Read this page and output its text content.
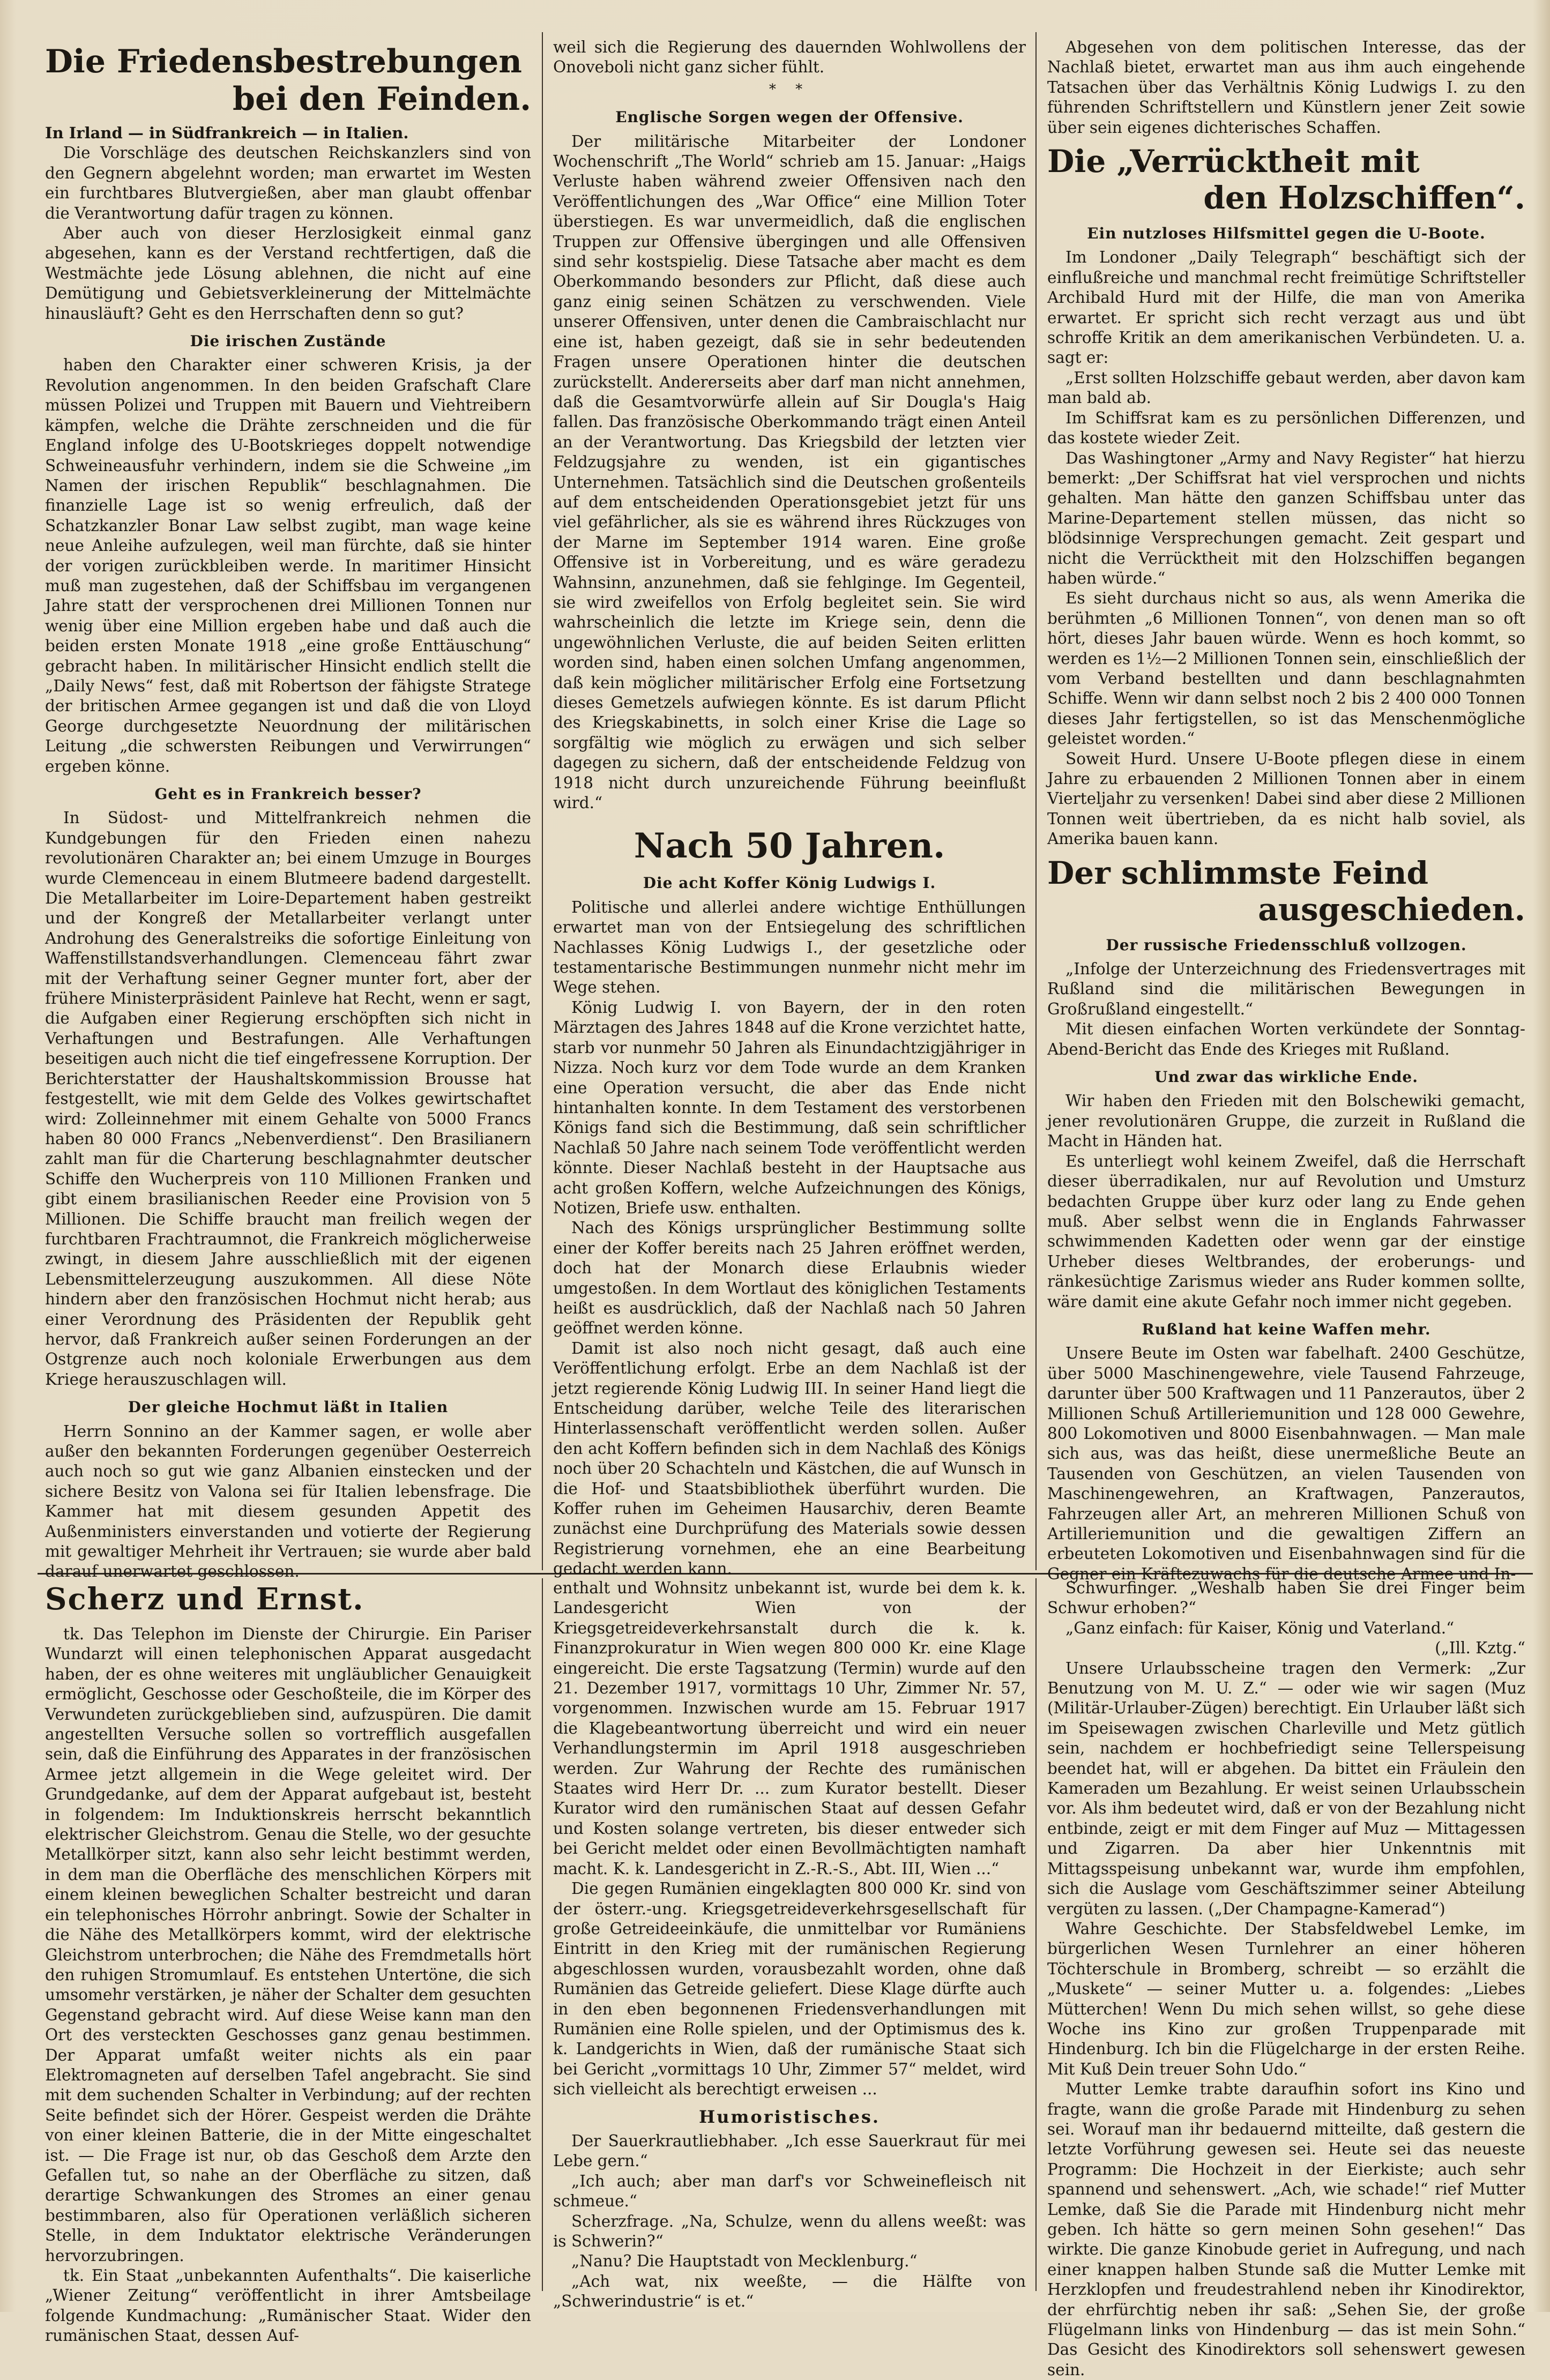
Die Friedensbestrebungen
bei den Feinden.
In Irland — in Südfrankreich — in Italien.

Die Vorschläge des deutschen Reichskanzlers sind von den Gegnern abgelehnt worden; man erwartet im Westen ein furchtbares Blutvergießen, aber man glaubt offenbar die Verantwortung dafür tragen zu können.

Aber auch von dieser Herzlosigkeit einmal ganz abgesehen, kann es der Verstand rechtfertigen, daß die Westmächte jede Lösung ablehnen, die nicht auf eine Demütigung und Gebietsverkleinerung der Mittelmächte hinausläuft? Geht es den Herrschaften denn so gut?

Die irischen Zustände

haben den Charakter einer schweren Krisis, ja der Revolution angenommen. In den beiden Grafschaft Clare müssen Polizei und Truppen mit Bauern und Viehtreibern kämpfen, welche die Drähte zerschneiden und die für England infolge des U-Bootskrieges doppelt notwendige Schweineausfuhr verhindern, indem sie die Schweine „im Namen der irischen Republik“ beschlagnahmen. Die finanzielle Lage ist so wenig erfreulich, daß der Schatzkanzler Bonar Law selbst zugibt, man wage keine neue Anleihe aufzulegen, weil man fürchte, daß sie hinter der vorigen zurückbleiben werde. In maritimer Hinsicht muß man zugestehen, daß der Schiffsbau im vergangenen Jahre statt der versprochenen drei Millionen Tonnen nur wenig über eine Million ergeben habe und daß auch die beiden ersten Monate 1918 „eine große Enttäuschung“ gebracht haben. In militärischer Hinsicht endlich stellt die „Daily News“ fest, daß mit Robertson der fähigste Stratege der britischen Armee gegangen ist und daß die von Lloyd George durchgesetzte Neuordnung der militärischen Leitung „die schwersten Reibungen und Verwirrungen“ ergeben könne.

Geht es in Frankreich besser?

In Südost- und Mittelfrankreich nehmen die Kundgebungen für den Frieden einen nahezu revolutionären Charakter an; bei einem Umzuge in Bourges wurde Clemenceau in einem Blutmeere badend dargestellt. Die Metallarbeiter im Loire-Departement haben gestreikt und der Kongreß der Metallarbeiter verlangt unter Androhung des Generalstreiks die sofortige Einleitung von Waffenstillstandsverhandlungen. Clemenceau fährt zwar mit der Verhaftung seiner Gegner munter fort, aber der frühere Ministerpräsident Painleve hat Recht, wenn er sagt, die Aufgaben einer Regierung erschöpften sich nicht in Verhaftungen und Bestrafungen. Alle Verhaftungen beseitigen auch nicht die tief eingefressene Korruption. Der Berichterstatter der Haushaltskommission Brousse hat festgestellt, wie mit dem Gelde des Volkes gewirtschaftet wird: Zolleinnehmer mit einem Gehalte von 5000 Francs haben 80 000 Francs „Nebenverdienst“. Den Brasilianern zahlt man für die Charterung beschlagnahmter deutscher Schiffe den Wucherpreis von 110 Millionen Franken und gibt einem brasilianischen Reeder eine Provision von 5 Millionen. Die Schiffe braucht man freilich wegen der furchtbaren Frachtraumnot, die Frankreich möglicherweise zwingt, in diesem Jahre ausschließlich mit der eigenen Lebensmittelerzeugung auszukommen. All diese Nöte hindern aber den französischen Hochmut nicht herab; aus einer Verordnung des Präsidenten der Republik geht hervor, daß Frankreich außer seinen Forderungen an der Ostgrenze auch noch koloniale Erwerbungen aus dem Kriege herauszuschlagen will.

Der gleiche Hochmut läßt in Italien

Herrn Sonnino an der Kammer sagen, er wolle aber außer den bekannten Forderungen gegenüber Oesterreich auch noch so gut wie ganz Albanien einstecken und der sichere Besitz von Valona sei für Italien lebensfrage. Die Kammer hat mit diesem gesunden Appetit des Außenministers einverstanden und votierte der Regierung mit gewaltiger Mehrheit ihr Vertrauen; sie wurde aber bald darauf unerwartet geschlossen.

weil sich die Regierung des dauernden Wohlwollens der Onoveboli nicht ganz sicher fühlt.

* *
Englische Sorgen wegen der Offensive.

Der militärische Mitarbeiter der Londoner Wochenschrift „The World“ schrieb am 15. Januar: „Haigs Verluste haben während zweier Offensiven nach den Veröffentlichungen des „War Office“ eine Million Toter überstiegen. Es war unvermeidlich, daß die englischen Truppen zur Offensive übergingen und alle Offensiven sind sehr kostspielig. Diese Tatsache aber macht es dem Oberkommando besonders zur Pflicht, daß diese auch ganz einig seinen Schätzen zu verschwenden. Viele unserer Offensiven, unter denen die Cambraischlacht nur eine ist, haben gezeigt, daß sie in sehr bedeutenden Fragen unsere Operationen hinter die deutschen zurückstellt. Andererseits aber darf man nicht annehmen, daß die Gesamtvorwürfe allein auf Sir Dougla's Haig fallen. Das französische Oberkommando trägt einen Anteil an der Verantwortung. Das Kriegsbild der letzten vier Feldzugsjahre zu wenden, ist ein gigantisches Unternehmen. Tatsächlich sind die Deutschen großenteils auf dem entscheidenden Operationsgebiet jetzt für uns viel gefährlicher, als sie es während ihres Rückzuges von der Marne im September 1914 waren. Eine große Offensive ist in Vorbereitung, und es wäre geradezu Wahnsinn, anzunehmen, daß sie fehlginge. Im Gegenteil, sie wird zweifellos von Erfolg begleitet sein. Sie wird wahrscheinlich die letzte im Kriege sein, denn die ungewöhnlichen Verluste, die auf beiden Seiten erlitten worden sind, haben einen solchen Umfang angenommen, daß kein möglicher militärischer Erfolg eine Fortsetzung dieses Gemetzels aufwiegen könnte. Es ist darum Pflicht des Kriegskabinetts, in solch einer Krise die Lage so sorgfältig wie möglich zu erwägen und sich selber dagegen zu sichern, daß der entscheidende Feldzug von 1918 nicht durch unzureichende Führung beeinflußt wird.“

Nach 50 Jahren.
Die acht Koffer König Ludwigs I.

Politische und allerlei andere wichtige Enthüllungen erwartet man von der Entsiegelung des schriftlichen Nachlasses König Ludwigs I., der gesetzliche oder testamentarische Bestimmungen nunmehr nicht mehr im Wege stehen.

König Ludwig I. von Bayern, der in den roten Märztagen des Jahres 1848 auf die Krone verzichtet hatte, starb vor nunmehr 50 Jahren als Einundachtzigjähriger in Nizza. Noch kurz vor dem Tode wurde an dem Kranken eine Operation versucht, die aber das Ende nicht hintanhalten konnte. In dem Testament des verstorbenen Königs fand sich die Bestimmung, daß sein schriftlicher Nachlaß 50 Jahre nach seinem Tode veröffentlicht werden könnte. Dieser Nachlaß besteht in der Hauptsache aus acht großen Koffern, welche Aufzeichnungen des Königs, Notizen, Briefe usw. enthalten.

Nach des Königs ursprünglicher Bestimmung sollte einer der Koffer bereits nach 25 Jahren eröffnet werden, doch hat der Monarch diese Erlaubnis wieder umgestoßen. In dem Wortlaut des königlichen Testaments heißt es ausdrücklich, daß der Nachlaß nach 50 Jahren geöffnet werden könne.

Damit ist also noch nicht gesagt, daß auch eine Veröffentlichung erfolgt. Erbe an dem Nachlaß ist der jetzt regierende König Ludwig III. In seiner Hand liegt die Entscheidung darüber, welche Teile des literarischen Hinterlassenschaft veröffentlicht werden sollen. Außer den acht Koffern befinden sich in dem Nachlaß des Königs noch über 20 Schachteln und Kästchen, die auf Wunsch in die Hof- und Staatsbibliothek überführt wurden. Die Koffer ruhen im Geheimen Hausarchiv, deren Beamte zunächst eine Durchprüfung des Materials sowie dessen Registrierung vornehmen, ehe an eine Bearbeitung gedacht werden kann.

Abgesehen von dem politischen Interesse, das der Nachlaß bietet, erwartet man aus ihm auch eingehende Tatsachen über das Verhältnis König Ludwigs I. zu den führenden Schriftstellern und Künstlern jener Zeit sowie über sein eigenes dichterisches Schaffen.

Die „Verrücktheit mit
den Holzschiffen“.
Ein nutzloses Hilfsmittel gegen die U-Boote.

Im Londoner „Daily Telegraph“ beschäftigt sich der einflußreiche und manchmal recht freimütige Schriftsteller Archibald Hurd mit der Hilfe, die man von Amerika erwartet. Er spricht sich recht verzagt aus und übt schroffe Kritik an dem amerikanischen Verbündeten. U. a. sagt er:

„Erst sollten Holzschiffe gebaut werden, aber davon kam man bald ab.

Im Schiffsrat kam es zu persönlichen Differenzen, und das kostete wieder Zeit.

Das Washingtoner „Army and Navy Register“ hat hierzu bemerkt: „Der Schiffsrat hat viel versprochen und nichts gehalten. Man hätte den ganzen Schiffsbau unter das Marine-Departement stellen müssen, das nicht so blödsinnige Versprechungen gemacht. Zeit gespart und nicht die Verrücktheit mit den Holzschiffen begangen haben würde.“

Es sieht durchaus nicht so aus, als wenn Amerika die berühmten „6 Millionen Tonnen“, von denen man so oft hört, dieses Jahr bauen würde. Wenn es hoch kommt, so werden es 1½—2 Millionen Tonnen sein, einschließlich der vom Verband bestellten und dann beschlagnahmten Schiffe. Wenn wir dann selbst noch 2 bis 2 400 000 Tonnen dieses Jahr fertigstellen, so ist das Menschenmögliche geleistet worden.“

Soweit Hurd. Unsere U-Boote pflegen diese in einem Jahre zu erbauenden 2 Millionen Tonnen aber in einem Vierteljahr zu versenken! Dabei sind aber diese 2 Millionen Tonnen weit übertrieben, da es nicht halb soviel, als Amerika bauen kann.

Der schlimmste Feind
ausgeschieden.
Der russische Friedensschluß vollzogen.

„Infolge der Unterzeichnung des Friedensvertrages mit Rußland sind die militärischen Bewegungen in Großrußland eingestellt.“

Mit diesen einfachen Worten verkündete der Sonntag-Abend-Bericht das Ende des Krieges mit Rußland.

Und zwar das wirkliche Ende.

Wir haben den Frieden mit den Bolschewiki gemacht, jener revolutionären Gruppe, die zurzeit in Rußland die Macht in Händen hat.

Es unterliegt wohl keinem Zweifel, daß die Herrschaft dieser überradikalen, nur auf Revolution und Umsturz bedachten Gruppe über kurz oder lang zu Ende gehen muß. Aber selbst wenn die in Englands Fahrwasser schwimmenden Kadetten oder wenn gar der einstige Urheber dieses Weltbrandes, der eroberungs- und ränkesüchtige Zarismus wieder ans Ruder kommen sollte, wäre damit eine akute Gefahr noch immer nicht gegeben.

Rußland hat keine Waffen mehr.

Unsere Beute im Osten war fabelhaft. 2400 Geschütze, über 5000 Maschinengewehre, viele Tausend Fahrzeuge, darunter über 500 Kraftwagen und 11 Panzerautos, über 2 Millionen Schuß Artilleriemunition und 128 000 Gewehre, 800 Lokomotiven und 8000 Eisenbahnwagen. — Man male sich aus, was das heißt, diese unermeßliche Beute an Tausenden von Geschützen, an vielen Tausenden von Maschinengewehren, an Kraftwagen, Panzerautos, Fahrzeugen aller Art, an mehreren Millionen Schuß von Artilleriemunition und die gewaltigen Ziffern an erbeuteten Lokomotiven und Eisenbahnwagen sind für die Gegner ein Kräftezuwachs für die deutsche Armee und In-

Scherz und Ernst.

tk. Das Telephon im Dienste der Chirurgie. Ein Pariser Wundarzt will einen telephonischen Apparat ausgedacht haben, der es ohne weiteres mit ungläublicher Genauigkeit ermöglicht, Geschosse oder Geschoßteile, die im Körper des Verwundeten zurückgeblieben sind, aufzuspüren. Die damit angestellten Versuche sollen so vortrefflich ausgefallen sein, daß die Einführung des Apparates in der französischen Armee jetzt allgemein in die Wege geleitet wird. Der Grundgedanke, auf dem der Apparat aufgebaut ist, besteht in folgendem: Im Induktionskreis herrscht bekanntlich elektrischer Gleichstrom. Genau die Stelle, wo der gesuchte Metallkörper sitzt, kann also sehr leicht bestimmt werden, in dem man die Oberfläche des menschlichen Körpers mit einem kleinen beweglichen Schalter bestreicht und daran ein telephonisches Hörrohr anbringt. Sowie der Schalter in die Nähe des Metallkörpers kommt, wird der elektrische Gleichstrom unterbrochen; die Nähe des Fremdmetalls hört den ruhigen Stromumlauf. Es entstehen Untertöne, die sich umsomehr verstärken, je näher der Schalter dem gesuchten Gegenstand gebracht wird. Auf diese Weise kann man den Ort des versteckten Geschosses ganz genau bestimmen. Der Apparat umfaßt weiter nichts als ein paar Elektromagneten auf derselben Tafel angebracht. Sie sind mit dem suchenden Schalter in Verbindung; auf der rechten Seite befindet sich der Hörer. Gespeist werden die Drähte von einer kleinen Batterie, die in der Mitte eingeschaltet ist. — Die Frage ist nur, ob das Geschoß dem Arzte den Gefallen tut, so nahe an der Oberfläche zu sitzen, daß derartige Schwankungen des Stromes an einer genau bestimmbaren, also für Operationen verläßlich sicheren Stelle, in dem Induktator elektrische Veränderungen hervorzubringen.

tk. Ein Staat „unbekannten Aufenthalts“. Die kaiserliche „Wiener Zeitung“ veröffentlicht in ihrer Amtsbeilage folgende Kundmachung: „Rumänischer Staat. Wider den rumänischen Staat, dessen Auf-

enthalt und Wohnsitz unbekannt ist, wurde bei dem k. k. Landesgericht Wien von der Kriegsgetreideverkehrsanstalt durch die k. k. Finanzprokuratur in Wien wegen 800 000 Kr. eine Klage eingereicht. Die erste Tagsatzung (Termin) wurde auf den 21. Dezember 1917, vormittags 10 Uhr, Zimmer Nr. 57, vorgenommen. Inzwischen wurde am 15. Februar 1917 die Klagebeantwortung überreicht und wird ein neuer Verhandlungstermin im April 1918 ausgeschrieben werden. Zur Wahrung der Rechte des rumänischen Staates wird Herr Dr. ... zum Kurator bestellt. Dieser Kurator wird den rumänischen Staat auf dessen Gefahr und Kosten solange vertreten, bis dieser entweder sich bei Gericht meldet oder einen Bevollmächtigten namhaft macht. K. k. Landesgericht in Z.-R.-S., Abt. III, Wien ...“

Die gegen Rumänien eingeklagten 800 000 Kr. sind von der österr.-ung. Kriegsgetreideverkehrsgesellschaft für große Getreideeinkäufe, die unmittelbar vor Rumäniens Eintritt in den Krieg mit der rumänischen Regierung abgeschlossen wurden, vorausbezahlt worden, ohne daß Rumänien das Getreide geliefert. Diese Klage dürfte auch in den eben begonnenen Friedensverhandlungen mit Rumänien eine Rolle spielen, und der Optimismus des k. k. Landgerichts in Wien, daß der rumänische Staat sich bei Gericht „vormittags 10 Uhr, Zimmer 57“ meldet, wird sich vielleicht als berechtigt erweisen ...

Humoristisches.

Der Sauerkrautliebhaber. „Ich esse Sauerkraut für mei Lebe gern.“

„Ich auch; aber man darf's vor Schweinefleisch nit schmeue.“

Scherzfrage. „Na, Schulze, wenn du allens weeßt: was is Schwerin?“

„Nanu? Die Hauptstadt von Mecklenburg.“

„Ach wat, nix weeßte, — die Hälfte von „Schwerindustrie“ is et.“

Schwurfinger. „Weshalb haben Sie drei Finger beim Schwur erhoben?“

„Ganz einfach: für Kaiser, König und Vaterland.“

(„Ill. Kztg.“

Unsere Urlaubsscheine tragen den Vermerk: „Zur Benutzung von M. U. Z.“ — oder wie wir sagen (Muz (Militär-Urlauber-Zügen) berechtigt. Ein Urlauber läßt sich im Speisewagen zwischen Charleville und Metz gütlich sein, nachdem er hochbefriedigt seine Tellerspeisung beendet hat, will er abgehen. Da bittet ein Fräulein den Kameraden um Bezahlung. Er weist seinen Urlaubsschein vor. Als ihm bedeutet wird, daß er von der Bezahlung nicht entbinde, zeigt er mit dem Finger auf Muz — Mittagessen und Zigarren. Da aber hier Unkenntnis mit Mittagsspeisung unbekannt war, wurde ihm empfohlen, sich die Auslage vom Geschäftszimmer seiner Abteilung vergüten zu lassen. („Der Champagne-Kamerad“)

Wahre Geschichte. Der Stabsfeldwebel Lemke, im bürgerlichen Wesen Turnlehrer an einer höheren Töchterschule in Bromberg, schreibt — so erzählt die „Muskete“ — seiner Mutter u. a. folgendes: „Liebes Mütterchen! Wenn Du mich sehen willst, so gehe diese Woche ins Kino zur großen Truppenparade mit Hindenburg. Ich bin die Flügelcharge in der ersten Reihe. Mit Kuß Dein treuer Sohn Udo.“

Mutter Lemke trabte daraufhin sofort ins Kino und fragte, wann die große Parade mit Hindenburg zu sehen sei. Worauf man ihr bedauernd mitteilte, daß gestern die letzte Vorführung gewesen sei. Heute sei das neueste Programm: Die Hochzeit in der Eierkiste; auch sehr spannend und sehenswert. „Ach, wie schade!“ rief Mutter Lemke, daß Sie die Parade mit Hindenburg nicht mehr geben. Ich hätte so gern meinen Sohn gesehen!“ Das wirkte. Die ganze Kinobude geriet in Aufregung, und nach einer knappen halben Stunde saß die Mutter Lemke mit Herzklopfen und freudestrahlend neben ihr Kinodirektor, der ehrfürchtig neben ihr saß: „Sehen Sie, der große Flügelmann links von Hindenburg — das ist mein Sohn.“ Das Gesicht des Kinodirektors soll sehenswert gewesen sein.
